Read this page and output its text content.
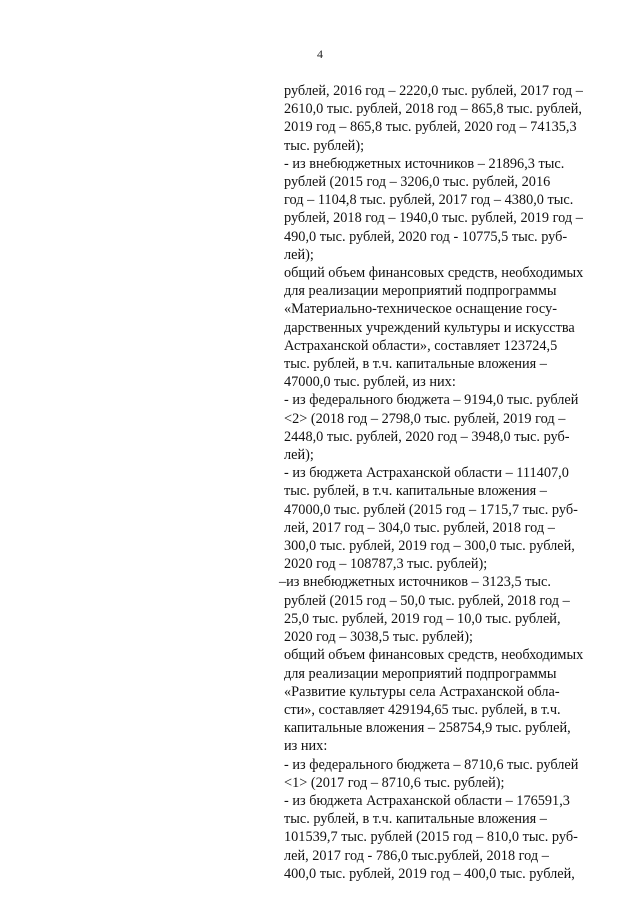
4

рублей, 2016 год – 2220,0 тыс. рублей, 2017 год –
2610,0 тыс. рублей, 2018 год – 865,8 тыс. рублей,
2019 год – 865,8 тыс. рублей, 2020 год – 74135,3
тыс. рублей);
- из внебюджетных источников – 21896,3 тыс.
рублей (2015 год – 3206,0 тыс. рублей, 2016
год – 1104,8 тыс. рублей, 2017 год – 4380,0 тыс.
рублей, 2018 год – 1940,0 тыс. рублей, 2019 год –
490,0 тыс. рублей, 2020 год - 10775,5 тыс. руб-
лей);
общий объем финансовых средств, необходимых
для реализации мероприятий подпрограммы
«Материально-техническое оснащение госу-
дарственных учреждений культуры и искусства
Астраханской области», составляет 123724,5
тыс. рублей, в т.ч. капитальные вложения –
47000,0 тыс. рублей, из них:
- из федерального бюджета – 9194,0 тыс. рублей
<2> (2018 год – 2798,0 тыс. рублей, 2019 год –
2448,0 тыс. рублей, 2020 год – 3948,0 тыс. руб-
лей);
- из бюджета Астраханской области – 111407,0
тыс. рублей, в т.ч. капитальные вложения –
47000,0 тыс. рублей (2015 год – 1715,7 тыс. руб-
лей, 2017 год – 304,0 тыс. рублей, 2018 год –
300,0 тыс. рублей, 2019 год – 300,0 тыс. рублей,
2020 год – 108787,3 тыс. рублей);
–из внебюджетных источников – 3123,5 тыс.
рублей (2015 год – 50,0 тыс. рублей, 2018 год –
25,0 тыс. рублей, 2019 год – 10,0 тыс. рублей,
2020 год – 3038,5 тыс. рублей);
общий объем финансовых средств, необходимых
для реализации мероприятий подпрограммы
«Развитие культуры села Астраханской обла-
сти», составляет 429194,65 тыс. рублей, в т.ч.
капитальные вложения – 258754,9 тыс. рублей,
из них:
- из федерального бюджета – 8710,6 тыс. рублей
<1> (2017 год – 8710,6 тыс. рублей);
- из бюджета Астраханской области – 176591,3
тыс. рублей, в т.ч. капитальные вложения –
101539,7 тыс. рублей (2015 год – 810,0 тыс. руб-
лей, 2017 год - 786,0 тыс.рублей, 2018 год –
400,0 тыс. рублей, 2019 год – 400,0 тыс. рублей,
